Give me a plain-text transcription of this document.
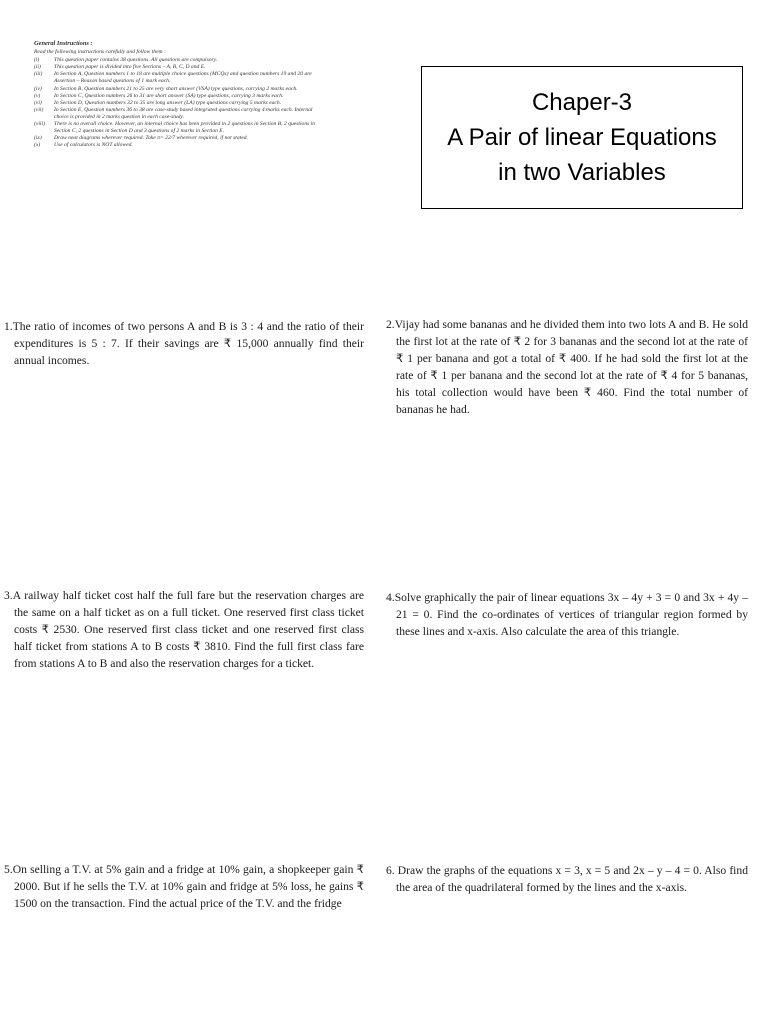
General Instructions :
Read the following instructions carefully and follow them :
(i)	This question paper contains 38 questions. All questions are compulsory.
(ii)	This question paper is divided into five Sections – A, B, C, D and E.
(iii)	In Section A, Question numbers 1 to 18 are multiple choice questions (MCQs) and question numbers 19 and 20 are Assertion – Reason based questions of 1 mark each.
(iv)	In Section B, Question numbers 21 to 25 are very short answer (VSA) type questions, carrying 2 marks each.
(v)	In Section C, Question numbers 26 to 31 are short answer (SA) type questions, carrying 3 marks each.
(vi)	In Section D, Question numbers 32 to 35 are long answer (LA) type questions carrying 5 marks each.
(vii)	In Section E, Question numbers 36 to 38 are case-study based integrated questions carrying 4 marks each. Internal choice is provided in 2 marks question in each case-study.
(viii)	There is no overall choice. However, an internal choice has been provided in 2 questions in Section B, 2 questions in Section C, 2 questions in Section D and 3 questions of 2 marks in Section E.
(ix)	Draw neat diagrams wherever required. Take π= 22/7 wherever required, if not stated.
(x)	Use of calculators is NOT allowed.
Chaper-3
A Pair of linear Equations
in two Variables
1.The ratio of incomes of two persons A and B is 3 : 4 and the ratio of their expenditures is 5 : 7. If their savings are ₹ 15,000 annually find their annual incomes.
2.Vijay had some bananas and he divided them into two lots A and B. He sold the first lot at the rate of ₹ 2 for 3 bananas and the second lot at the rate of ₹ 1 per banana and got a total of ₹ 400. If he had sold the first lot at the rate of ₹ 1 per banana and the second lot at the rate of ₹ 4 for 5 bananas, his total collection would have been ₹ 460. Find the total number of bananas he had.
3.A railway half ticket cost half the full fare but the reservation charges are the same on a half ticket as on a full ticket. One reserved first class ticket costs ₹ 2530. One reserved first class ticket and one reserved first class half ticket from stations A to B costs ₹ 3810. Find the full first class fare from stations A to B and also the reservation charges for a ticket.
4.Solve graphically the pair of linear equations 3x – 4y + 3 = 0 and 3x + 4y – 21 = 0. Find the co-ordinates of vertices of triangular region formed by these lines and x-axis. Also calculate the area of this triangle.
5.On selling a T.V. at 5% gain and a fridge at 10% gain, a shopkeeper gain ₹ 2000. But if he sells the T.V. at 10% gain and fridge at 5% loss, he gains ₹ 1500 on the transaction. Find the actual price of the T.V. and the fridge
6. Draw the graphs of the equations x = 3, x = 5 and 2x – y – 4 = 0. Also find the area of the quadrilateral formed by the lines and the x-axis.
